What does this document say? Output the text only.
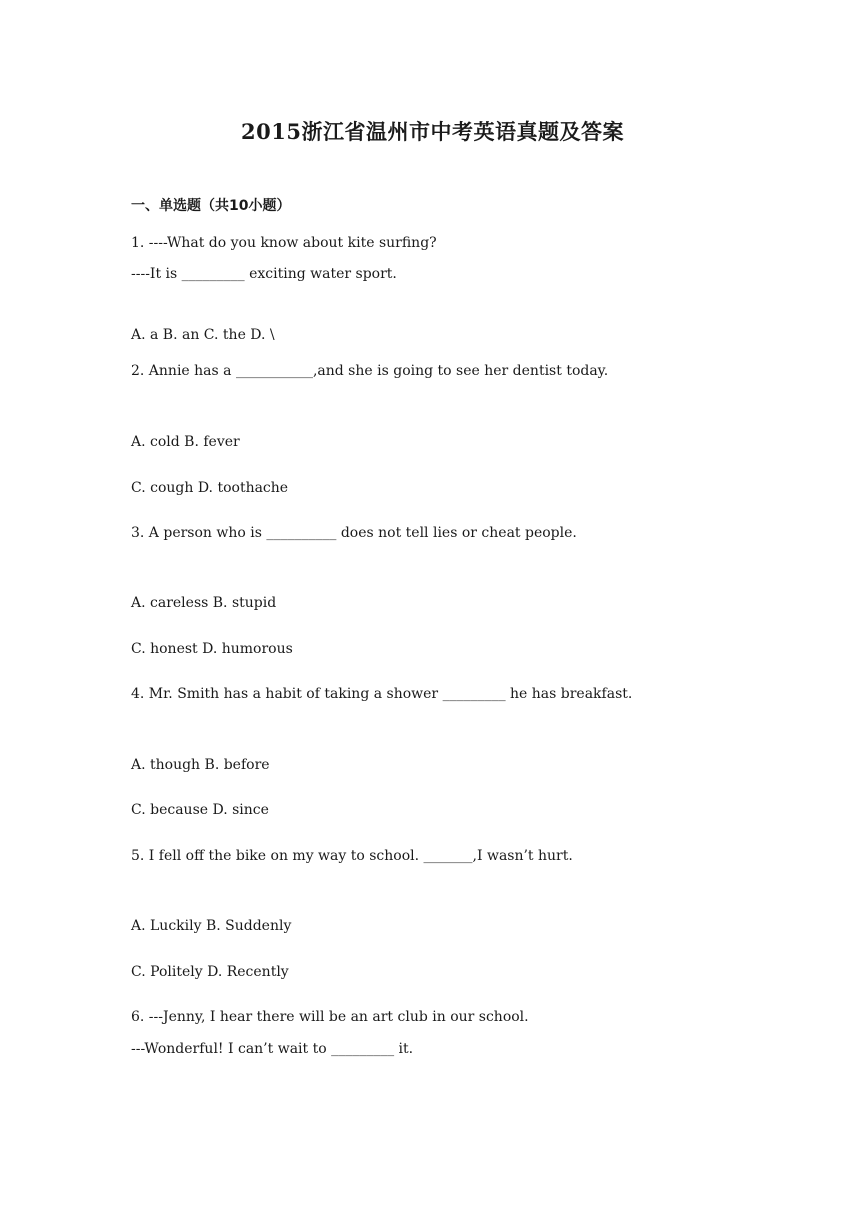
2015浙江省温州市中考英语真题及答案
一、单选题（共10小题）
1. ----What do you know about kite surfing?
----It is _________ exciting water sport.
A. a B. an C. the D. \
2. Annie has a ___________,and she is going to see her dentist today.
A. cold B. fever
C. cough D. toothache
3. A person who is __________ does not tell lies or cheat people.
A. careless B. stupid
C. honest D. humorous
4. Mr. Smith has a habit of taking a shower _________ he has breakfast.
A. though B. before
C. because D. since
5. I fell off the bike on my way to school. _______,I wasn’t hurt.
A. Luckily B. Suddenly
C. Politely D. Recently
6. ---Jenny, I hear there will be an art club in our school.
---Wonderful! I can’t wait to _________ it.
